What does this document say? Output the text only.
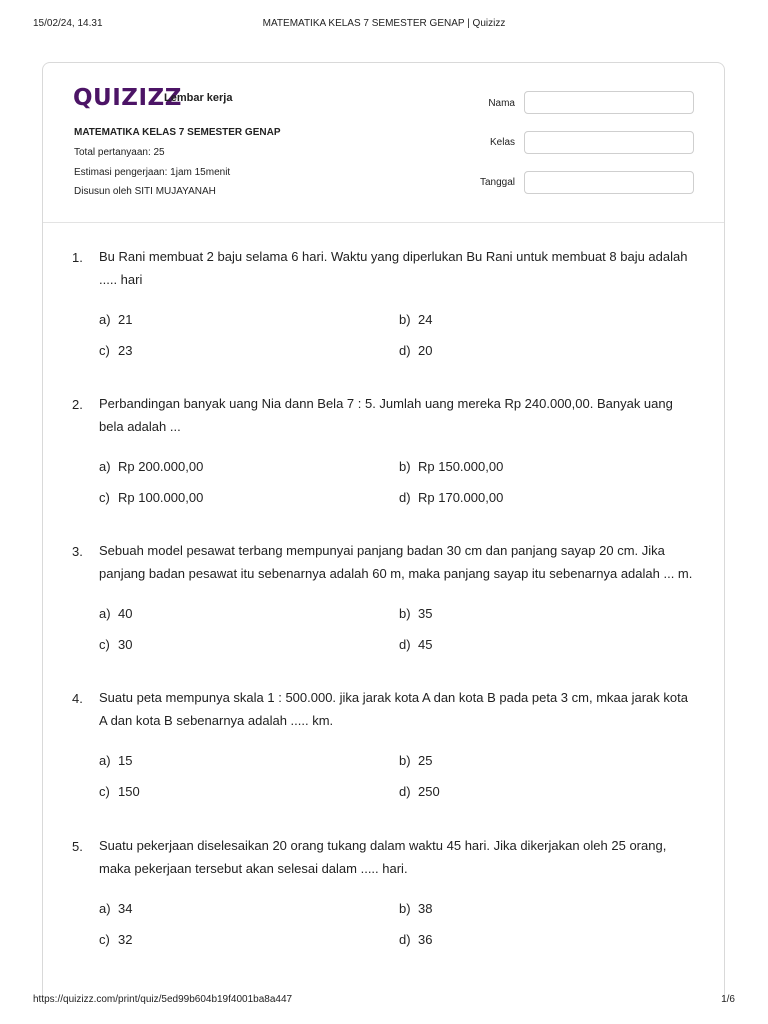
15/02/24, 14.31	MATEMATIKA KELAS 7 SEMESTER GENAP | Quizizz
QUIZIZZ
Lembar kerja
MATEMATIKA KELAS 7 SEMESTER GENAP
Total pertanyaan: 25
Estimasi pengerjaan: 1jam 15menit
Disusun oleh SITI MUJAYANAH
Nama
Kelas
Tanggal
1. Bu Rani membuat 2 baju selama 6 hari. Waktu yang diperlukan Bu Rani untuk membuat 8 baju adalah ..... hari
a) 21	b) 24
c) 23	d) 20
2. Perbandingan banyak uang Nia dann Bela 7 : 5. Jumlah uang mereka Rp 240.000,00. Banyak uang bela adalah ...
a) Rp 200.000,00	b) Rp 150.000,00
c) Rp 100.000,00	d) Rp 170.000,00
3. Sebuah model pesawat terbang mempunyai panjang badan 30 cm dan panjang sayap 20 cm. Jika panjang badan pesawat itu sebenarnya adalah 60 m, maka panjang sayap itu sebenarnya adalah ... m.
a) 40	b) 35
c) 30	d) 45
4. Suatu peta mempunya skala 1 : 500.000. jika jarak kota A dan kota B pada peta 3 cm, mkaa jarak kota A dan kota B sebenarnya adalah ..... km.
a) 15	b) 25
c) 150	d) 250
5. Suatu pekerjaan diselesaikan 20 orang tukang dalam waktu 45 hari. Jika dikerjakan oleh 25 orang, maka pekerjaan tersebut akan selesai dalam ..... hari.
a) 34	b) 38
c) 32	d) 36
https://quizizz.com/print/quiz/5ed99b604b19f4001ba8a447	1/6
